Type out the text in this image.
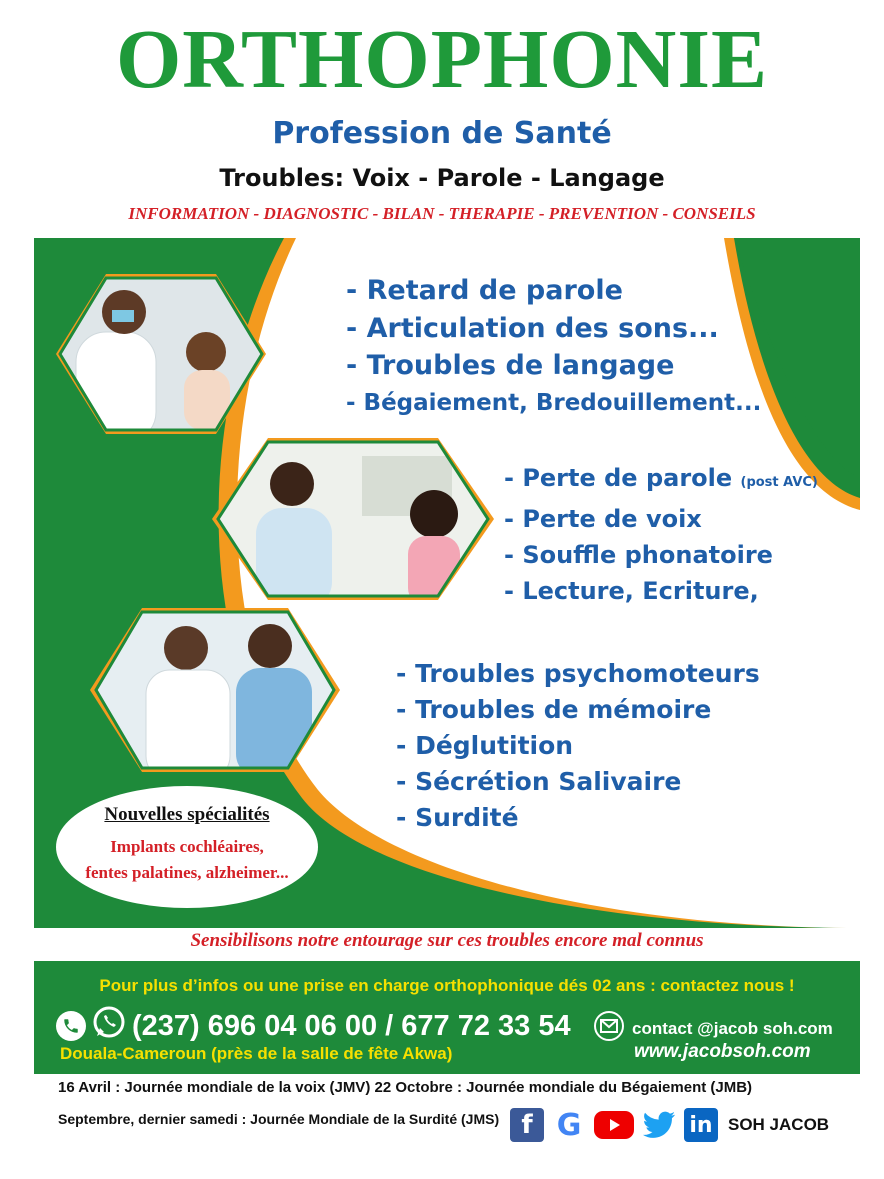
ORTHOPHONIE
Profession de Santé
Troubles: Voix - Parole - Langage
INFORMATION - DIAGNOSTIC - BILAN - THERAPIE - PREVENTION - CONSEILS
- Retard de parole
- Articulation des sons...
- Troubles de langage
- Bégaiement, Bredouillement...
- Perte de parole (post AVC)
- Perte de voix
- Souffle phonatoire
- Lecture, Ecriture,
- Troubles psychomoteurs
- Troubles de mémoire
- Déglutition
- Sécrétion Salivaire
- Surdité
Nouvelles spécialités
Implants cochléaires,
fentes palatines, alzheimer...
Sensibilisons notre entourage sur ces troubles encore mal connus
Pour plus d’infos ou une prise en charge orthophonique dés 02 ans : contactez nous !
(237) 696 04 06 00 / 677 72 33 54
Douala-Cameroun (près de la salle de fête Akwa)
contact @jacob soh.com
www.jacobsoh.com
16 Avril : Journée mondiale de la voix (JMV) 22 Octobre : Journée mondiale du Bégaiement (JMB)
Septembre, dernier samedi : Journée Mondiale de la Surdité (JMS) f G	in SOH JACOB
